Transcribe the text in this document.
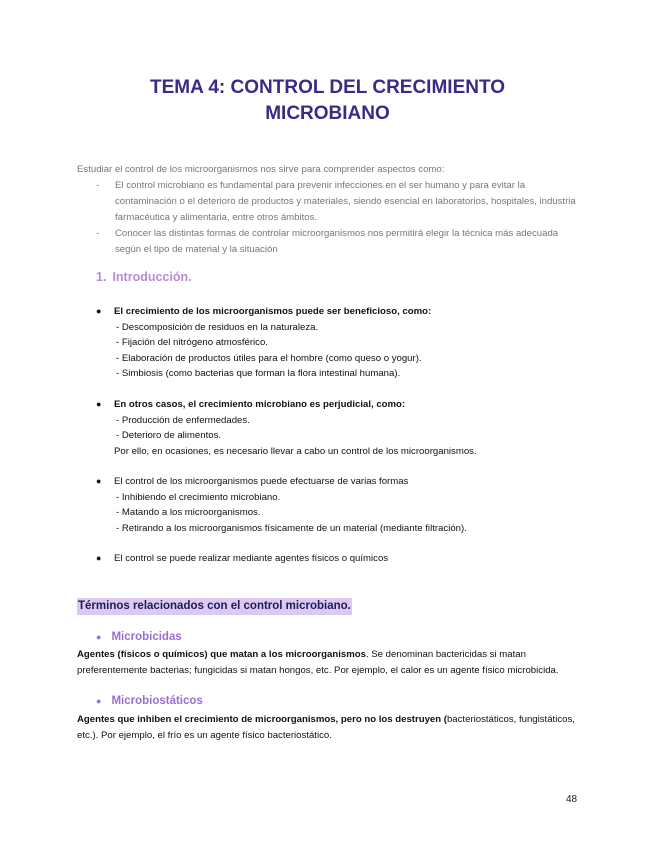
TEMA 4: CONTROL DEL CRECIMIENTO
MICROBIANO
Estudiar el control de los microorganismos nos sirve para comprender aspectos como:
- El control microbiano es fundamental para prevenir infecciones en el ser humano y para evitar la contaminación o el deterioro de productos y materiales, siendo esencial en laboratorios, hospitales, industria farmacéutica y alimentaria, entre otros ámbitos.
- Conocer las distintas formas de controlar microorganismos nos permitirá elegir la técnica más adecuada según el tipo de material y la situación
1. Introducción.
● El crecimiento de los microorganismos puede ser beneficioso, como:
- Descomposición de residuos en la naturaleza.
- Fijación del nitrógeno atmosférico.
- Elaboración de productos útiles para el hombre (como queso o yogur).
- Simbiosis (como bacterias que forman la flora intestinal humana).
● En otros casos, el crecimiento microbiano es perjudicial, como:
- Producción de enfermedades.
- Deterioro de alimentos.
Por ello, en ocasiones, es necesario llevar a cabo un control de los microorganismos.
● El control de los microorganismos puede efectuarse de varias formas
- Inhibiendo el crecimiento microbiano.
- Matando a los microorganismos.
- Retirando a los microorganismos físicamente de un material (mediante filtración).
● El control se puede realizar mediante agentes físicos o químicos
Términos relacionados con el control microbiano.
● Microbicidas
Agentes (físicos o químicos) que matan a los microorganismos. Se denominan bactericidas si matan preferentemente bacterias; fungicidas si matan hongos, etc. Por ejemplo, el calor es un agente físico microbicida.
● Microbiostáticos
Agentes que inhiben el crecimiento de microorganismos, pero no los destruyen (bacteriostáticos, fungistáticos, etc.). Por ejemplo, el frío es un agente físico bacteriostático.
48
